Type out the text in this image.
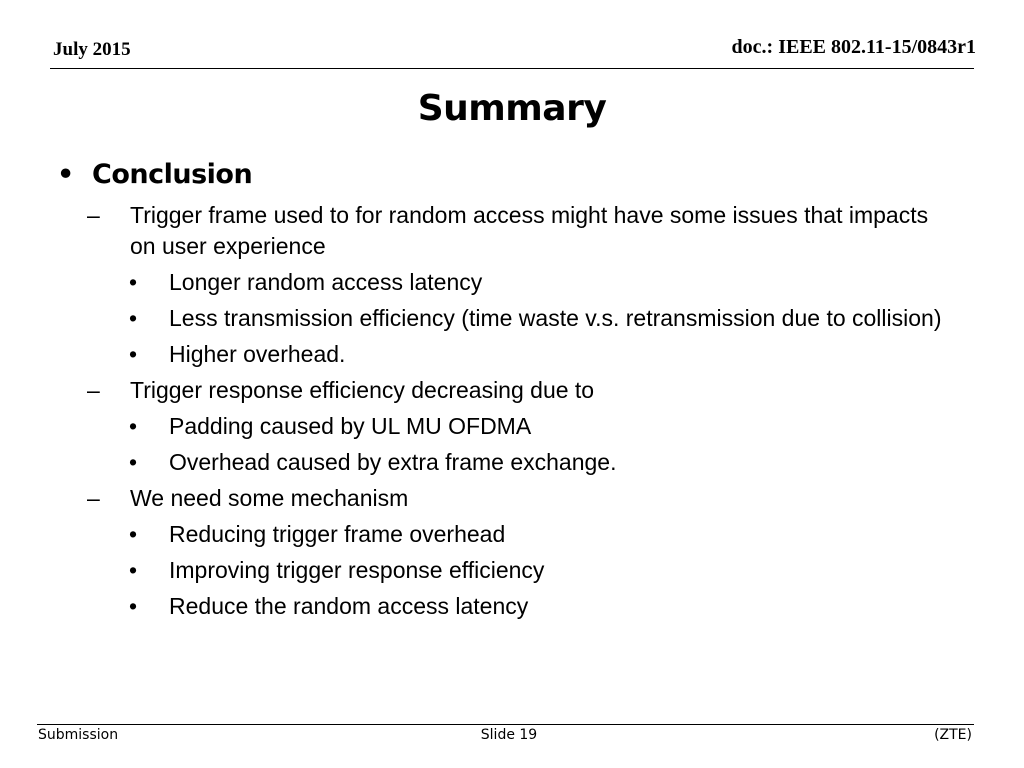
July 2015	doc.: IEEE 802.11-15/0843r1
Summary
• Conclusion
– Trigger frame used to for random access might have some issues that impacts on user experience
• Longer random access latency
• Less transmission efficiency (time waste v.s. retransmission due to collision)
• Higher overhead.
– Trigger response efficiency decreasing due to
• Padding caused by UL MU OFDMA
• Overhead caused by extra frame exchange.
– We need some mechanism
• Reducing trigger frame overhead
• Improving trigger response efficiency
• Reduce the random access latency
Submission	Slide 19	(ZTE)
